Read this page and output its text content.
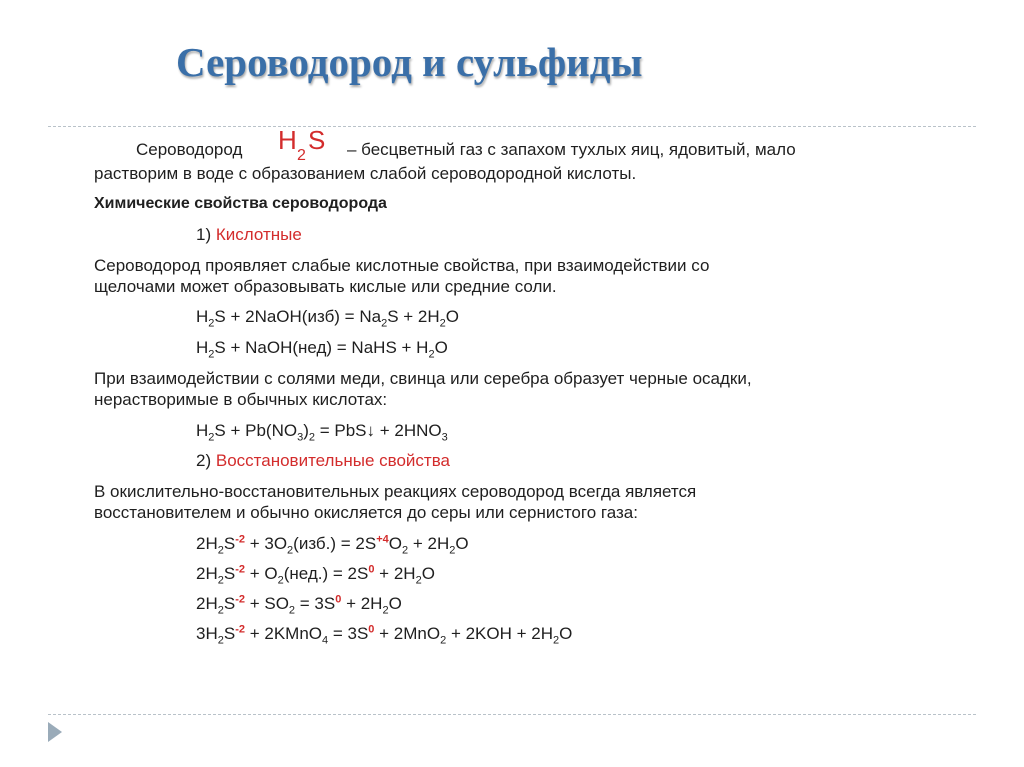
Сероводород и сульфиды
Сероводород H
2
S – бесцветный газ с запахом тухлых яиц, ядовитый, мало
растворим в воде с образованием слабой сероводородной кислоты.
Химические свойства сероводорода
1) Кислотные
Сероводород проявляет слабые кислотные свойства, при взаимодействии со
щелочами может образовывать кислые или средние соли.
$H_2S$ + 2NaOH(изб) = $Na_2S + 2H_2O$
$H_2S$ + NaOH(нед) = NaHS + $H_2O$
При взаимодействии с солями меди, свинца или серебра образует черные осадки,
нерастворимые в обычных кислотах:
$H_2S + Pb(NO_3)_2$ = PbS↓ + $2HNO_3$
2) Восстановительные свойства
В окислительно-восстановительных реакциях сероводород всегда является
восстановителем и обычно окисляется до серы или сернистого газа:
$2H_2S^{-2} + 3O_2(изб.) = 2S^{+4}O_2 + 2H_2O$
$2H_2S^{-2} + O_2(нед.) = 2S^0 + 2H_2O$
$2H_2S^{-2} + SO_2 = 3S^0 + 2H_2O$
$3H_2S^{-2}$ + 2KMnO$_4$ = $3S^0 + 2MnO_2 + 2KOH + 2H_2O$
